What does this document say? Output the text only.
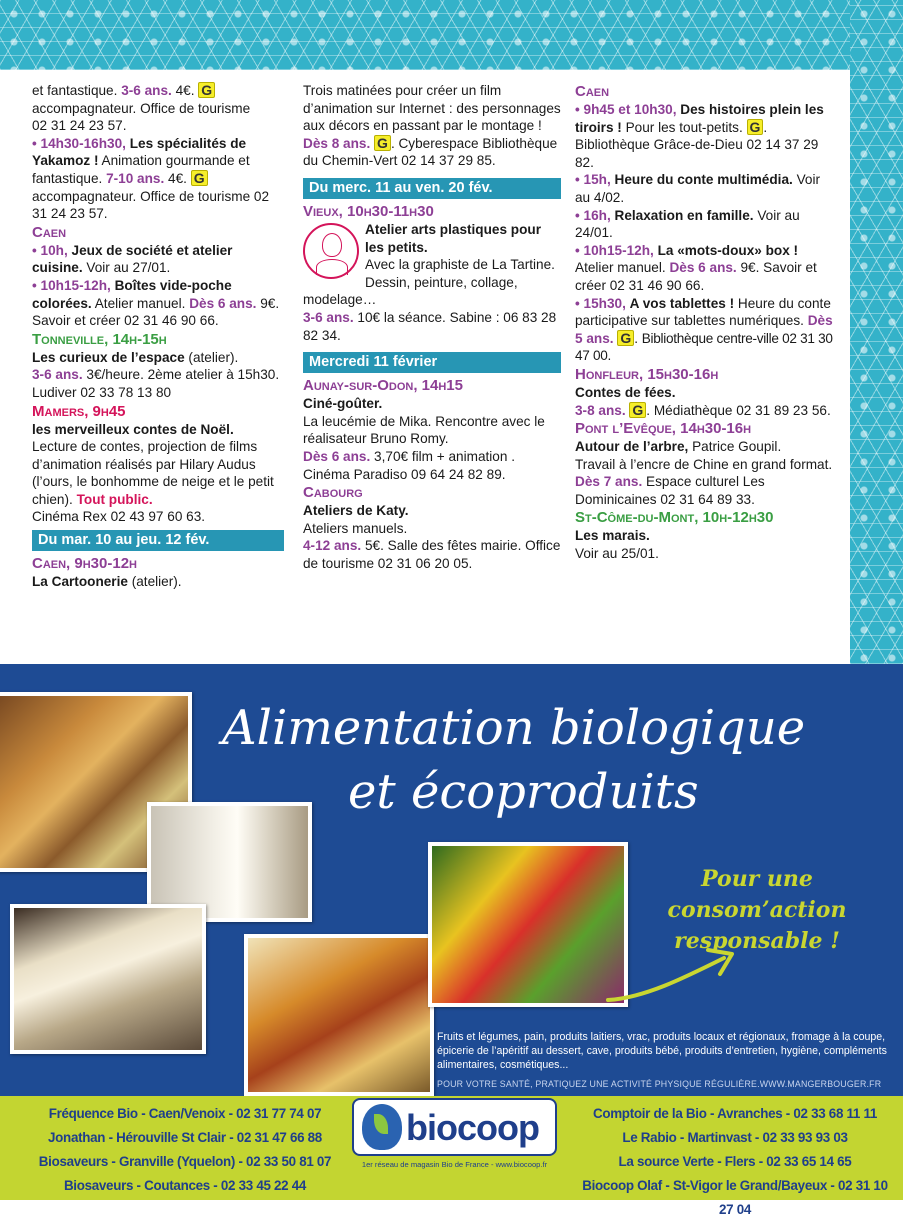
et fantastique. 3-6 ans. 4€. G

accompagnateur. Office de tourisme

02 31 24 23 57.

• 14h30-16h30, Les spécialités de Yakamoz ! Animation gourmande et fantastique. 7-10 ans. 4€. G accompagnateur. Office de tourisme 02 31 24 23 57.

Caen

• 10h, Jeux de société et atelier cuisine. Voir au 27/01.

• 10h15-12h, Boîtes vide-poche colorées. Atelier manuel. Dès 6 ans. 9€. Savoir et créer 02 31 46 90 66.

Tonneville, 14h-15h

Les curieux de l’espace (atelier).

3-6 ans. 3€/heure. 2ème atelier à 15h30. Ludiver 02 33 78 13 80

Mamers, 9h45

les merveilleux contes de Noël.

Lecture de contes, projection de films d’animation réalisés par Hilary Audus (l’ours, le bonhomme de neige et le petit chien). Tout public.

Cinéma Rex 02 43 97 60 63.

Du mar. 10 au jeu. 12 fév.

Caen, 9h30-12h

La Cartoonerie (atelier).

Trois matinées pour créer un film d’animation sur Internet : des personnages aux décors en passant par le montage !

Dès 8 ans. G . Cyberespace Bibliothèque du Chemin-Vert 02 14 37 29 85.

Du merc. 11 au ven. 20 fév.

Vieux, 10h30-11h30

Atelier arts plastiques pour les petits.

Avec la graphiste de La Tartine. Dessin, peinture, collage, modelage…

3-6 ans. 10€ la séance. Sabine : 06 83 28 82 34.

Mercredi 11 février

Aunay-sur-Odon, 14h15

Ciné-goûter.

La leucémie de Mika. Rencontre avec le réalisateur Bruno Romy.

Dès 6 ans. 3,70€ film + animation . Cinéma Paradiso 09 64 24 82 89.

Cabourg

Ateliers de Katy.

Ateliers manuels.

4-12 ans. 5€. Salle des fêtes mairie. Office de tourisme 02 31 06 20 05.

Caen

• 9h45 et 10h30, Des histoires plein les tiroirs ! Pour les tout-petits. G . Bibliothèque Grâce-de-Dieu 02 14 37 29 82.

• 15h, Heure du conte multimédia. Voir au 4/02.

• 16h, Relaxation en famille. Voir au 24/01.

• 10h15-12h, La «mots-doux» box ! Atelier manuel. Dès 6 ans. 9€. Savoir et créer 02 31 46 90 66.

• 15h30, A vos tablettes ! Heure du conte participative sur tablettes numériques. Dès 5 ans. G . Bibliothèque centre-ville 02 31 30 47 00.

Honfleur, 15h30-16h

Contes de fées.

3-8 ans. G . Médiathèque 02 31 89 23 56.

Pont l’Evêque, 14h30-16h

Autour de l’arbre, Patrice Goupil.

Travail à l’encre de Chine en grand format.

Dès 7 ans. Espace culturel Les Dominicaines 02 31 64 89 33.

St-Côme-du-Mont, 10h-12h30

Les marais.

Voir au 25/01.

Alimentation biologique
et écoproduits
Pour une
consom’action
responsable !
Fruits et légumes, pain, produits laitiers, vrac, produits locaux et régionaux, fromage à la coupe, épicerie de l’apéritif au dessert, cave, produits bébé, produits d’entretien, hygiène, compléments alimentaires, cosmétiques...
POUR VOTRE SANTÉ, PRATIQUEZ UNE ACTIVITÉ PHYSIQUE RÉGULIÈRE.WWW.MANGERBOUGER.FR
Fréquence Bio - Caen/Venoix - 02 31 77 74 07
Jonathan - Hérouville St Clair - 02 31 47 66 88
Biosaveurs - Granville (Yquelon) - 02 33 50 81 07
Biosaveurs - Coutances - 02 33 45 22 44
biocoop
1er réseau de magasin Bio de France - www.biocoop.fr
Comptoir de la Bio - Avranches - 02 33 68 11 11
Le Rabio - Martinvast - 02 33 93 93 03
La source Verte - Flers - 02 33 65 14 65
Biocoop Olaf - St-Vigor le Grand/Bayeux - 02 31 10 27 04
